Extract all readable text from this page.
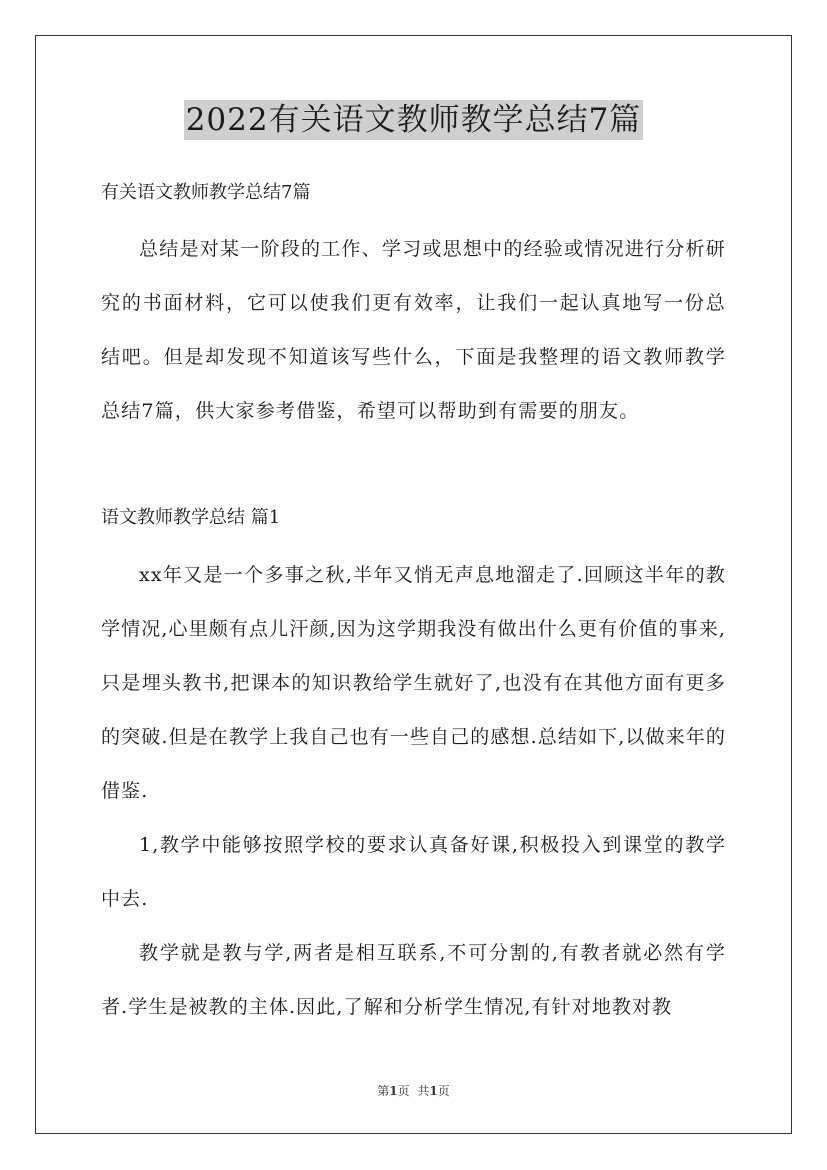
2022有关语文教师教学总结7篇

有关语文教师教学总结7篇

总结是对某一阶段的工作、学习或思想中的经验或情况进行分析研究的书面材料，它可以使我们更有效率，让我们一起认真地写一份总结吧。但是却发现不知道该写些什么，下面是我整理的语文教师教学总结7篇，供大家参考借鉴，希望可以帮助到有需要的朋友。

语文教师教学总结 篇1

xx年又是一个多事之秋,半年又悄无声息地溜走了.回顾这半年的教学情况,心里颇有点儿汗颜,因为这学期我没有做出什么更有价值的事来,只是埋头教书,把课本的知识教给学生就好了,也没有在其他方面有更多的突破.但是在教学上我自己也有一些自己的感想.总结如下,以做来年的借鉴.

1,教学中能够按照学校的要求认真备好课,积极投入到课堂的教学中去.

教学就是教与学,两者是相互联系,不可分割的,有教者就必然有学者.学生是被教的主体.因此,了解和分析学生情况,有针对地教对教

第1页 共1页
